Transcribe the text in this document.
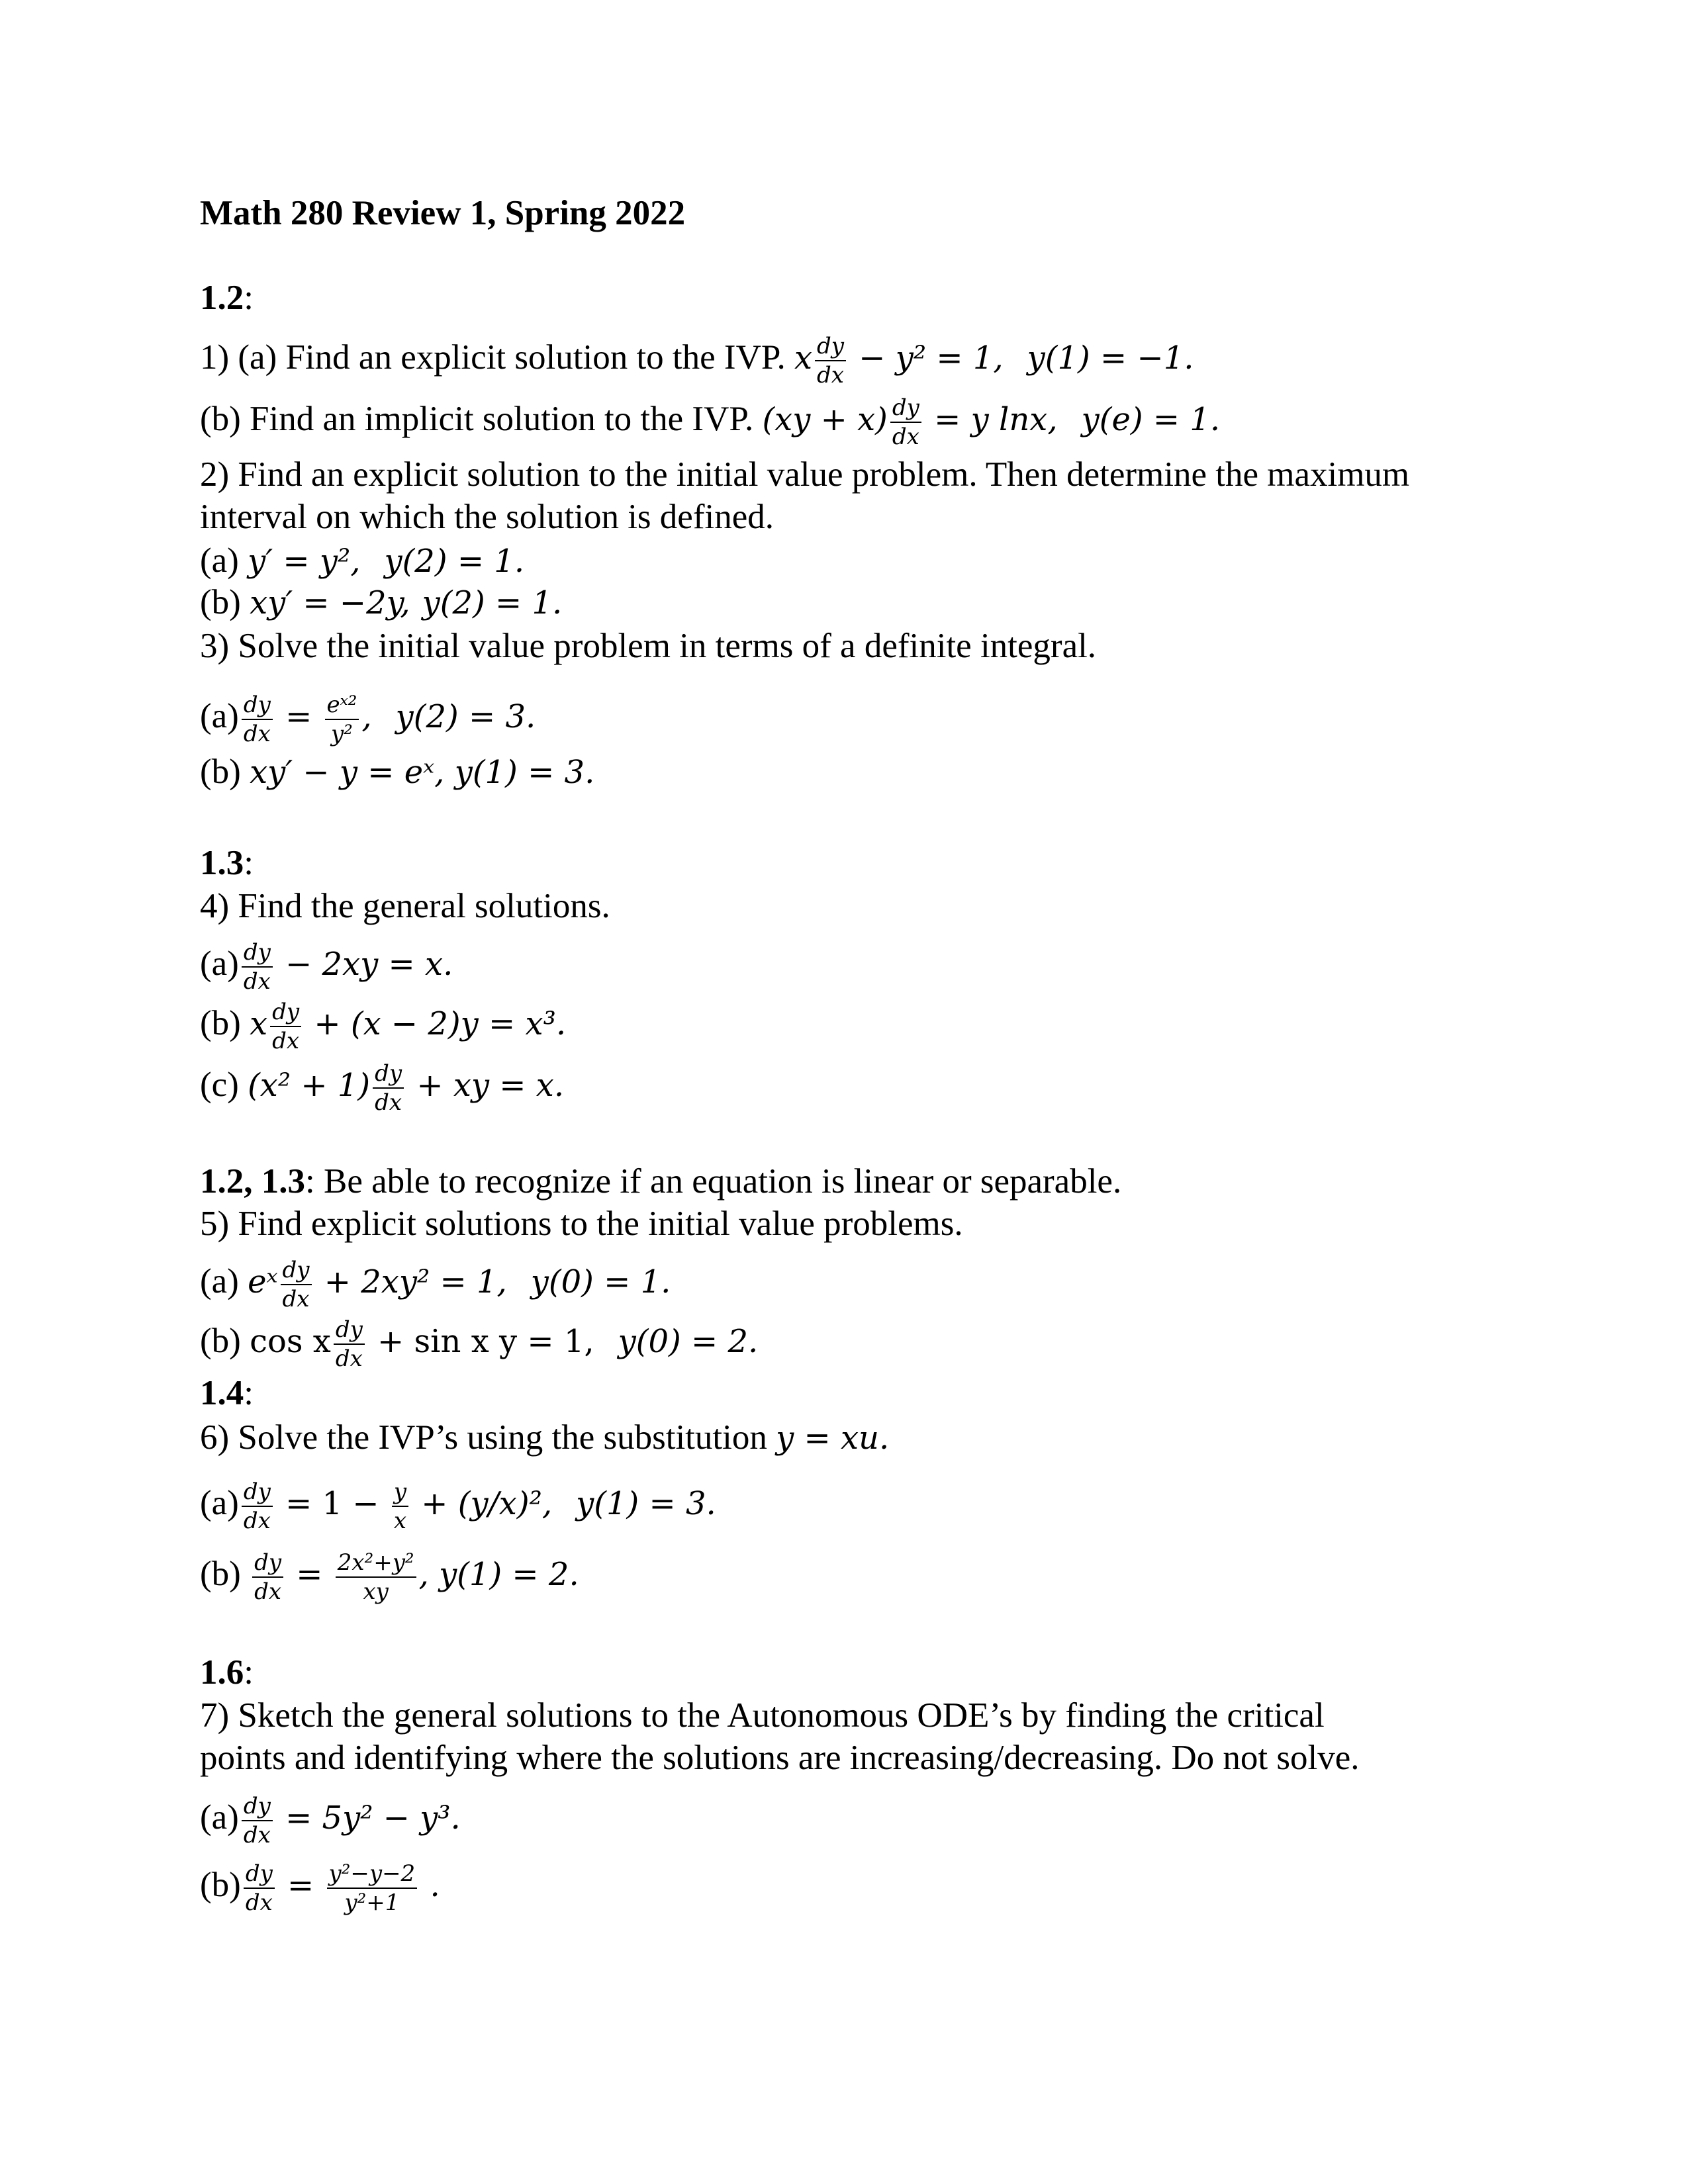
Math 280 Review 1, Spring 2022
1.2:
1) (a) Find an explicit solution to the IVP. x $\frac{dy}{dx} - y^2 = 1$, y(1) = −1.
(b) Find an implicit solution to the IVP. $(xy + x) \frac{dy}{dx} = y$ lnx, y(e) = 1.
2) Find an explicit solution to the initial value problem. Then determine the maximum
interval on which the solution is defined.
(a) y′ = y², y(2) = 1.
(b) xy′ = −2y, y(2) = 1.
3) Solve the initial value problem in terms of a definite integral.
$(a) \frac{dy}{dx} = \frac{\text{eˣ²}}{\text{y²}}$ , y(2) = 3.
(b) xy′ − y = eˣ, y(1) = 3.
1.3:
4) Find the general solutions.
$(a) \frac{dy}{dx} - 2xy = x$.
(b) x $\frac{dy}{dx} + (x - 2)y = x^3$.
(c) $(x^2 + 1) \frac{dy}{dx}$ + xy = x.
1.2, 1.3: Be able to recognize if an equation is linear or separable.
5) Find explicit solutions to the initial value problems.
(a) eˣ $\frac{dy}{dx} + 2xy^2 = 1$, y(0) = 1.
(b) cos x $\frac{dy}{dx} + \sin x$ y = 1, y(0) = 2.
1.4:
6) Solve the IVP’s using the substitution y = xu.
$(a) \frac{dy}{dx} = 1 - \frac{y}{x} + (y/x)^2$, y(1) = 3.
$(b) \frac{dy}{dx} = \frac{\text{2x²+y²}}{xy}$ , y(1) = 2.
1.6:
7) Sketch the general solutions to the Autonomous ODE’s by finding the critical
points and identifying where the solutions are increasing/decreasing. Do not solve.
$(a) \frac{dy}{dx} = 5y^2 - y^3$.
$(b) \frac{dy}{dx} = \frac{\text{y²−y−2}}{\text{y²+1}}$ .
